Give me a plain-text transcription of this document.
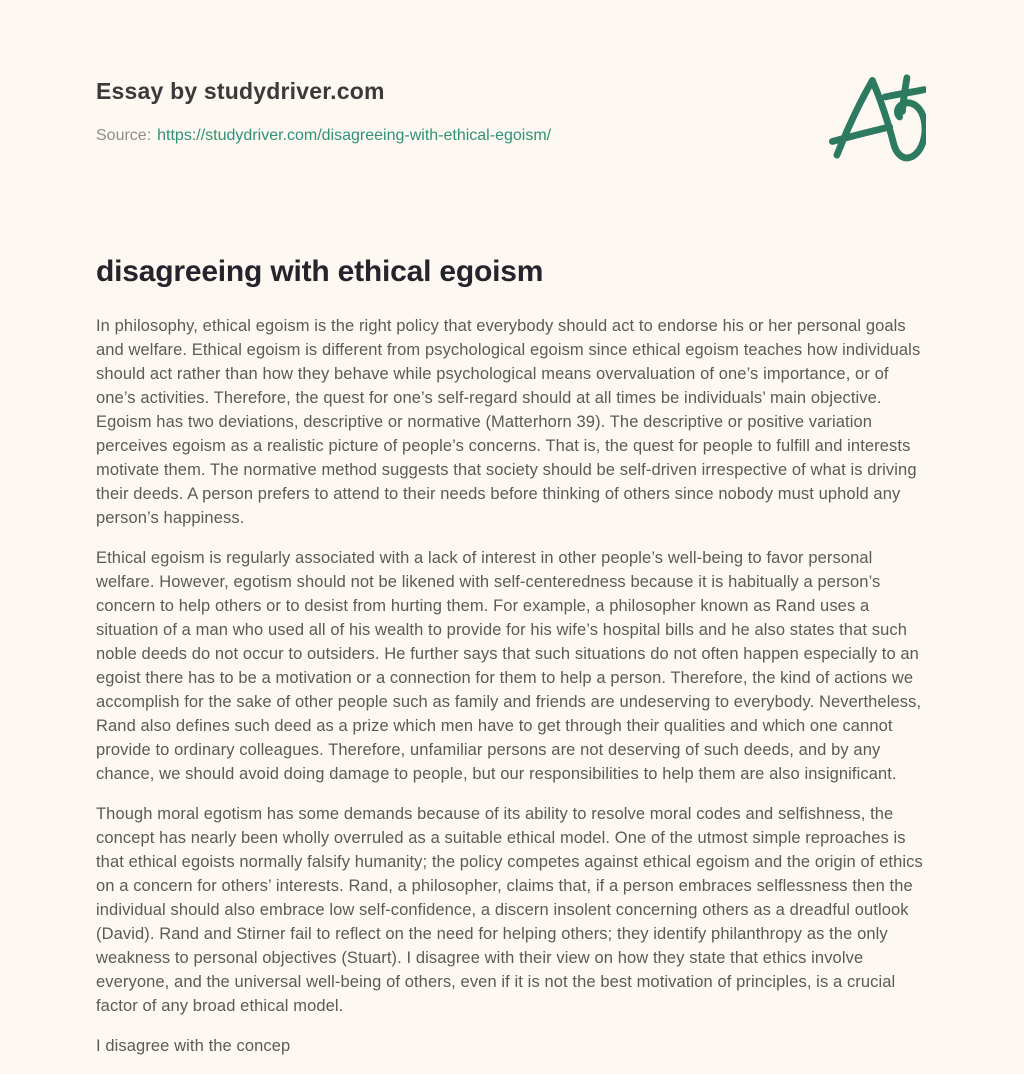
Essay by studydriver.com
Source: https://studydriver.com/disagreeing-with-ethical-egoism/
disagreeing with ethical egoism

In philosophy, ethical egoism is the right policy that everybody should act to endorse his or her personal goals and welfare. Ethical egoism is different from psychological egoism since ethical egoism teaches how individuals should act rather than how they behave while psychological means overvaluation of one’s importance, or of one’s activities. Therefore, the quest for one’s self-regard should at all times be individuals’ main objective. Egoism has two deviations, descriptive or normative (Matterhorn 39). The descriptive or positive variation perceives egoism as a realistic picture of people’s concerns. That is, the quest for people to fulfill and interests motivate them. The normative method suggests that society should be self-driven irrespective of what is driving their deeds. A person prefers to attend to their needs before thinking of others since nobody must uphold any person’s happiness.

Ethical egoism is regularly associated with a lack of interest in other people’s well-being to favor personal welfare. However, egotism should not be likened with self-centeredness because it is habitually a person’s concern to help others or to desist from hurting them. For example, a philosopher known as Rand uses a situation of a man who used all of his wealth to provide for his wife’s hospital bills and he also states that such noble deeds do not occur to outsiders. He further says that such situations do not often happen especially to an egoist there has to be a motivation or a connection for them to help a person. Therefore, the kind of actions we accomplish for the sake of other people such as family and friends are undeserving to everybody. Nevertheless, Rand also defines such deed as a prize which men have to get through their qualities and which one cannot provide to ordinary colleagues. Therefore, unfamiliar persons are not deserving of such deeds, and by any chance, we should avoid doing damage to people, but our responsibilities to help them are also insignificant.

Though moral egotism has some demands because of its ability to resolve moral codes and selfishness, the concept has nearly been wholly overruled as a suitable ethical model. One of the utmost simple reproaches is that ethical egoists normally falsify humanity; the policy competes against ethical egoism and the origin of ethics on a concern for others’ interests. Rand, a philosopher, claims that, if a person embraces selflessness then the individual should also embrace low self-confidence, a discern insolent concerning others as a dreadful outlook (David). Rand and Stirner fail to reflect on the need for helping others; they identify philanthropy as the only weakness to personal objectives (Stuart). I disagree with their view on how they state that ethics involve everyone, and the universal well-being of others, even if it is not the best motivation of principles, is a crucial factor of any broad ethical model.

I disagree with the concep
